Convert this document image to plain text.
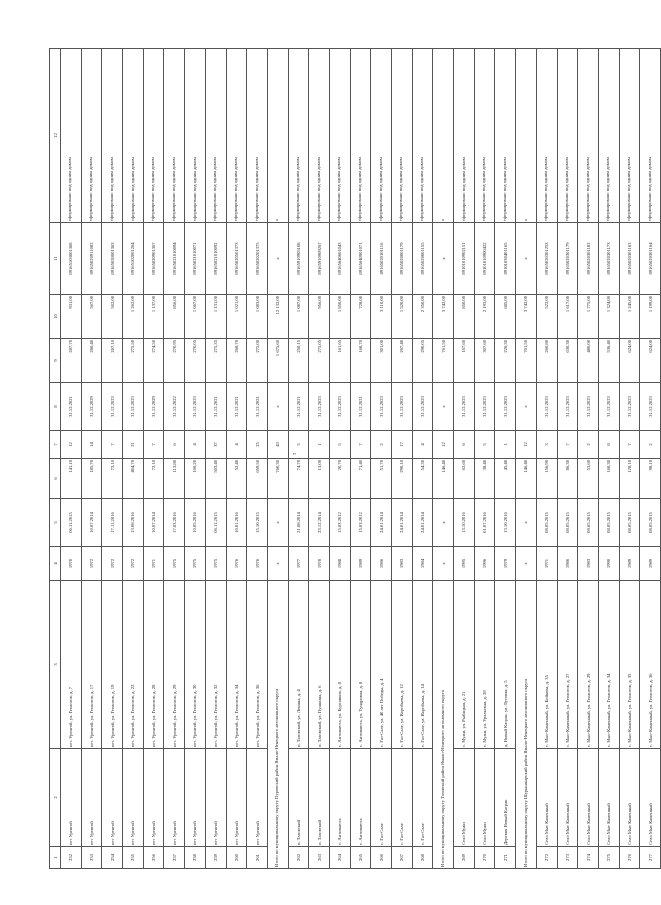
"
1	2	3	4	5	6	7	8	9	10	11	12
252	пгт Уренгой	пгт. Уренгой, ул. Геологов, д. 7	1970	06.11.2015	141,10	12	31.12.2021	287,70	931,00	89165103001368	сформировано под одним домом
253	пгт Уренгой	пгт. Уренгой, ул. Геологов, д. 17	1972	10.07.2014	185,70	14	31.12.2029	280,40	567,00	89165020911082	сформировано под одним домом
254	пгт Уренгой	пгт. Уренгой, ул. Геологов, д. 19	1972	17.11.2016	73,10	7	31.12.2023	267,10	502,00	89165020001363	сформировано под одним домом
255	пгт Уренгой	пгт. Уренгой, ул. Геологов, д. 22	1972	13.08.2016	404,70	21	31.12.2023	275,50	1 262,00	89165102001264	сформировано под одним домом
256	пгт Уренгой	пгт. Уренгой, ул. Геологов, д. 28	1971	10.07.2014	72,10	7	31.12.2029	274,50	1 137,00	89165020901367	сформировано под одним домом
257	пгт Уренгой	пгт. Уренгой, ул. Геологов, д. 29	1975	17.03.2016	113,80	6	31.12.2022	270,95	856,00	89165021010094	сформировано под одним домом
258	пгт Уренгой	пгт. Уренгой, ул. Геологов, д. 30	1975	10.05.2016	106,20	4	31.12.2023	270,05	1 067,00	89165021010071	сформировано под одним домом
259	пгт Уренгой	пгт. Уренгой, ул. Геологов, д. 32	1975	06.11.2015	503,40	37	31.12.2021	275,35	1 131,00	89165021010092	сформировано под одним домом
260	пгт Уренгой	пгт. Уренгой, ул. Геологов, д. 34	1976	10.01.2016	52,40	4	31.12.2021	268,70	1 021,00	89165020501373	сформировано под одним домом
261	пгт Уренгой	пгт. Уренгой, ул. Геологов, д. 36	1976	15.10.2015	659,50	25	31.12.2021	275,00	1 083,00	89165020201375	сформировано под одним домом
Итого по муниципальному округу Пуровский район Ямало-Ненецкого автономного округа			x	x	760,30	43	x	1 675,60	12 132,00	x	x
262	п. Тазовский	п. Тазовский, ул. Ленина, д. 4	1977	21.08.2014	74,70	5	31.12.2021	250,15	1 087,00	89165910905108	сформировано под одним домом
263	п. Тазовский	п. Тазовский, ул. Пушкина, д. 6	1978	23.12.2014	13,00	1	31.12.2023	275,05	956,00	89165910909267	сформировано под одним домом
264	с. Антипаюта	с. Антипаюта, ул. Бурсаиков, д. 8	1988	15.03.2012	20,70	5	31.12.2023	161,65	1 850,00	89165640601043	сформировано под одним домом
265	с. Антипаюта	с. Антипаюта, ул. Тундровая, д. 8	1989	15.03.2012	71,40	7	31.12.2021	168,70	728,00	89165640901071	сформировано под одним домом
266	с. Газ-Сале	с. Газ-Сале, ул. 40 лет Победы, д. 4	1986	24.01.2014	51,70	2	31.12.2023	301,00	3 110,00	89165020101116	сформировано под одним домом
267	с. Газ-Сале	с. Газ-Сале, ул. Воробьева, д. 12	1983	24.01.2014	290,10	17	31.12.2023	267,40	1 520,00	89165020001179	сформировано под одним домом
268	с. Газ-Сале	с. Газ-Сале, ул. Воробьева, д. 14	1984	24.01.2014	54,30	4	31.12.2023	290,05	2 350,00	89165020001155	сформировано под одним домом
Итого по муниципальному округу Тазовский район Ямало-Ненецкого автономного округа			x	x	146,40	12	x	761,50	3 742,00	x	x
269	Село Мужи	с. Мужи, ул. Рыбацкая, д. 21	1995	13.10.2016	62,60	6	31.12.2023	167,60	850,00	89101010902151	сформировано под одним домом
270	Село Мужи	с. Мужи, ул. Уральская, д. 28	1996	01.07.2016	38,40	5	31.12.2023	307,60	2 193,00	89101010900422	сформировано под одним домом
271	Деревня Новый Катрак	д. Новый Катрак, ул. Луговая, д. 5	1979	13.10.2016	45,40	1	31.12.2023	226,30	685,00	89101030401165	сформировано под одним домом
Итого по муниципальному округу Шурышкарский район Ямало-Ненецкого автономного округа			x	x	146,40	12	x	701,50	3 742,00	x	x
272	Село Мыс Каменный	с. Мыс-Каменный, ул. Бойкова, д. 35	1971	08.05.2015	156,90	3	31.12.2023	260,80	522,00	89165020301253	сформировано под одним домом
273	Село Мыс Каменный	с. Мыс-Каменный, ул. Геологов, д. 27	1986	08.05.2015	86,30	7	31.12.2023	630,30	1 617,00	89165020301179	сформировано под одним домом
274	Село Мыс Каменный	с. Мыс-Каменный, ул. Геологов, д. 29	1983	08.05.2015	53,60	2	31.12.2023	480,00	1 775,00	89165020301182	сформировано под одним домом
275	Село Мыс Каменный	с. Мыс-Каменный, ул. Геологов, д. 34	1990	08.05.2015	168,30	8	31.12.2023	536,40	1 324,00	89165020301173	сформировано под одним домом
276	Село Мыс Каменный	с. Мыс-Каменный, ул. Геологов, д. 35	1989	08.05.2015	128,10	7	31.12.2023	624,00	1 245,00	89165020301163	сформировано под одним домом
277	Село Мыс Каменный	с. Мыс-Каменный, ул. Геологов, д. 36	1989	08.05.2015	98,10	2	31.12.2023	624,00	1 199,00	89165020301164	сформировано под одним домом
